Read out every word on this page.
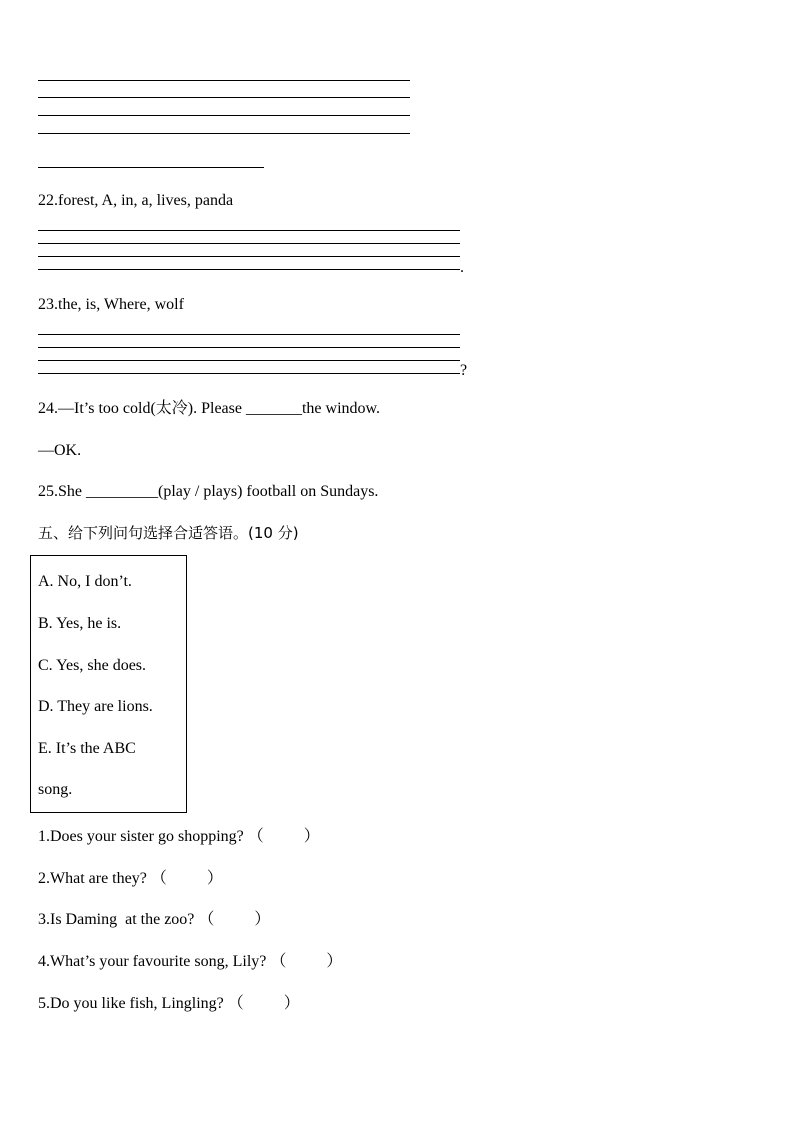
22.forest, A, in, a, lives, panda
.
23.the, is, Where, wolf
?
24.—It’s too cold(太冷). Please _______the window.
—OK.
25.She _________(play / plays) football on Sundays.
五、给下列问句选择合适答语。(10 分)
A. No, I don’t.
B. Yes, he is.
C. Yes, she does.
D. They are lions.
E. It’s the ABC
song.
1.Does your sister go shopping? （          ）
2.What are they? （          ）
3.Is Daming  at the zoo? （          ）
4.What’s your favourite song, Lily? （          ）
5.Do you like fish, Lingling? （          ）
